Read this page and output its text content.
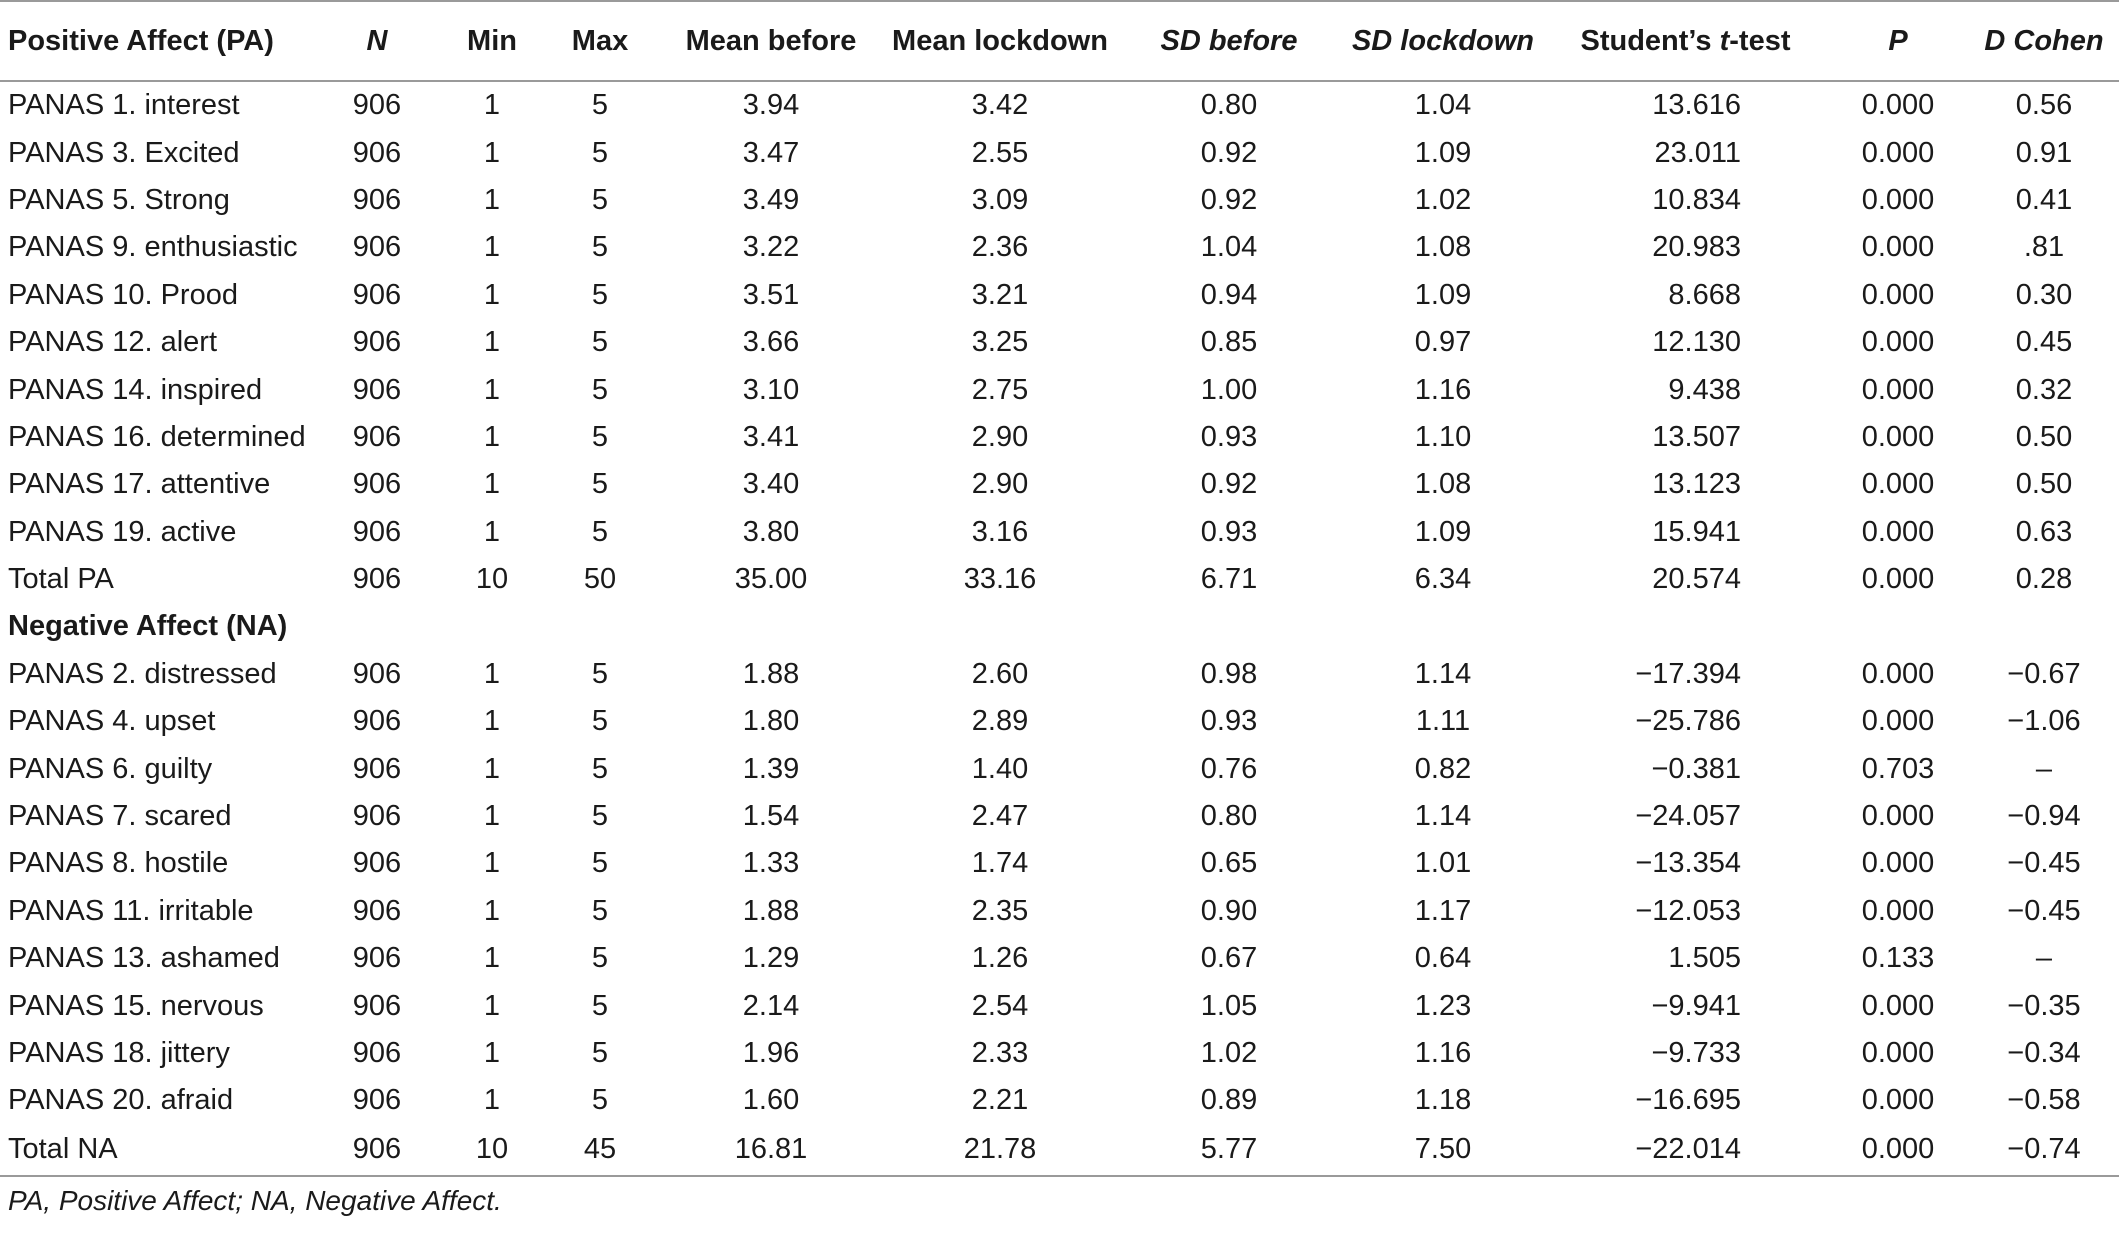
Positive Affect (PA)	N	Min	Max	Mean before	Mean lockdown	SD before	SD lockdown	Student’s t-test	P	D Cohen
PANAS 1. interest	906	1	5	3.94	3.42	0.80	1.04	13.616	0.000	0.56
PANAS 3. Excited	906	1	5	3.47	2.55	0.92	1.09	23.011	0.000	0.91
PANAS 5. Strong	906	1	5	3.49	3.09	0.92	1.02	10.834	0.000	0.41
PANAS 9. enthusiastic	906	1	5	3.22	2.36	1.04	1.08	20.983	0.000	.81
PANAS 10. Prood	906	1	5	3.51	3.21	0.94	1.09	8.668	0.000	0.30
PANAS 12. alert	906	1	5	3.66	3.25	0.85	0.97	12.130	0.000	0.45
PANAS 14. inspired	906	1	5	3.10	2.75	1.00	1.16	9.438	0.000	0.32
PANAS 16. determined	906	1	5	3.41	2.90	0.93	1.10	13.507	0.000	0.50
PANAS 17. attentive	906	1	5	3.40	2.90	0.92	1.08	13.123	0.000	0.50
PANAS 19. active	906	1	5	3.80	3.16	0.93	1.09	15.941	0.000	0.63
Total PA	906	10	50	35.00	33.16	6.71	6.34	20.574	0.000	0.28
Negative Affect (NA)										
PANAS 2. distressed	906	1	5	1.88	2.60	0.98	1.14	−17.394	0.000	−0.67
PANAS 4. upset	906	1	5	1.80	2.89	0.93	1.11	−25.786	0.000	−1.06
PANAS 6. guilty	906	1	5	1.39	1.40	0.76	0.82	−0.381	0.703	–
PANAS 7. scared	906	1	5	1.54	2.47	0.80	1.14	−24.057	0.000	−0.94
PANAS 8. hostile	906	1	5	1.33	1.74	0.65	1.01	−13.354	0.000	−0.45
PANAS 11. irritable	906	1	5	1.88	2.35	0.90	1.17	−12.053	0.000	−0.45
PANAS 13. ashamed	906	1	5	1.29	1.26	0.67	0.64	1.505	0.133	–
PANAS 15. nervous	906	1	5	2.14	2.54	1.05	1.23	−9.941	0.000	−0.35
PANAS 18. jittery	906	1	5	1.96	2.33	1.02	1.16	−9.733	0.000	−0.34
PANAS 20. afraid	906	1	5	1.60	2.21	0.89	1.18	−16.695	0.000	−0.58
Total NA	906	10	45	16.81	21.78	5.77	7.50	−22.014	0.000	−0.74
PA, Positive Affect; NA, Negative Affect.
